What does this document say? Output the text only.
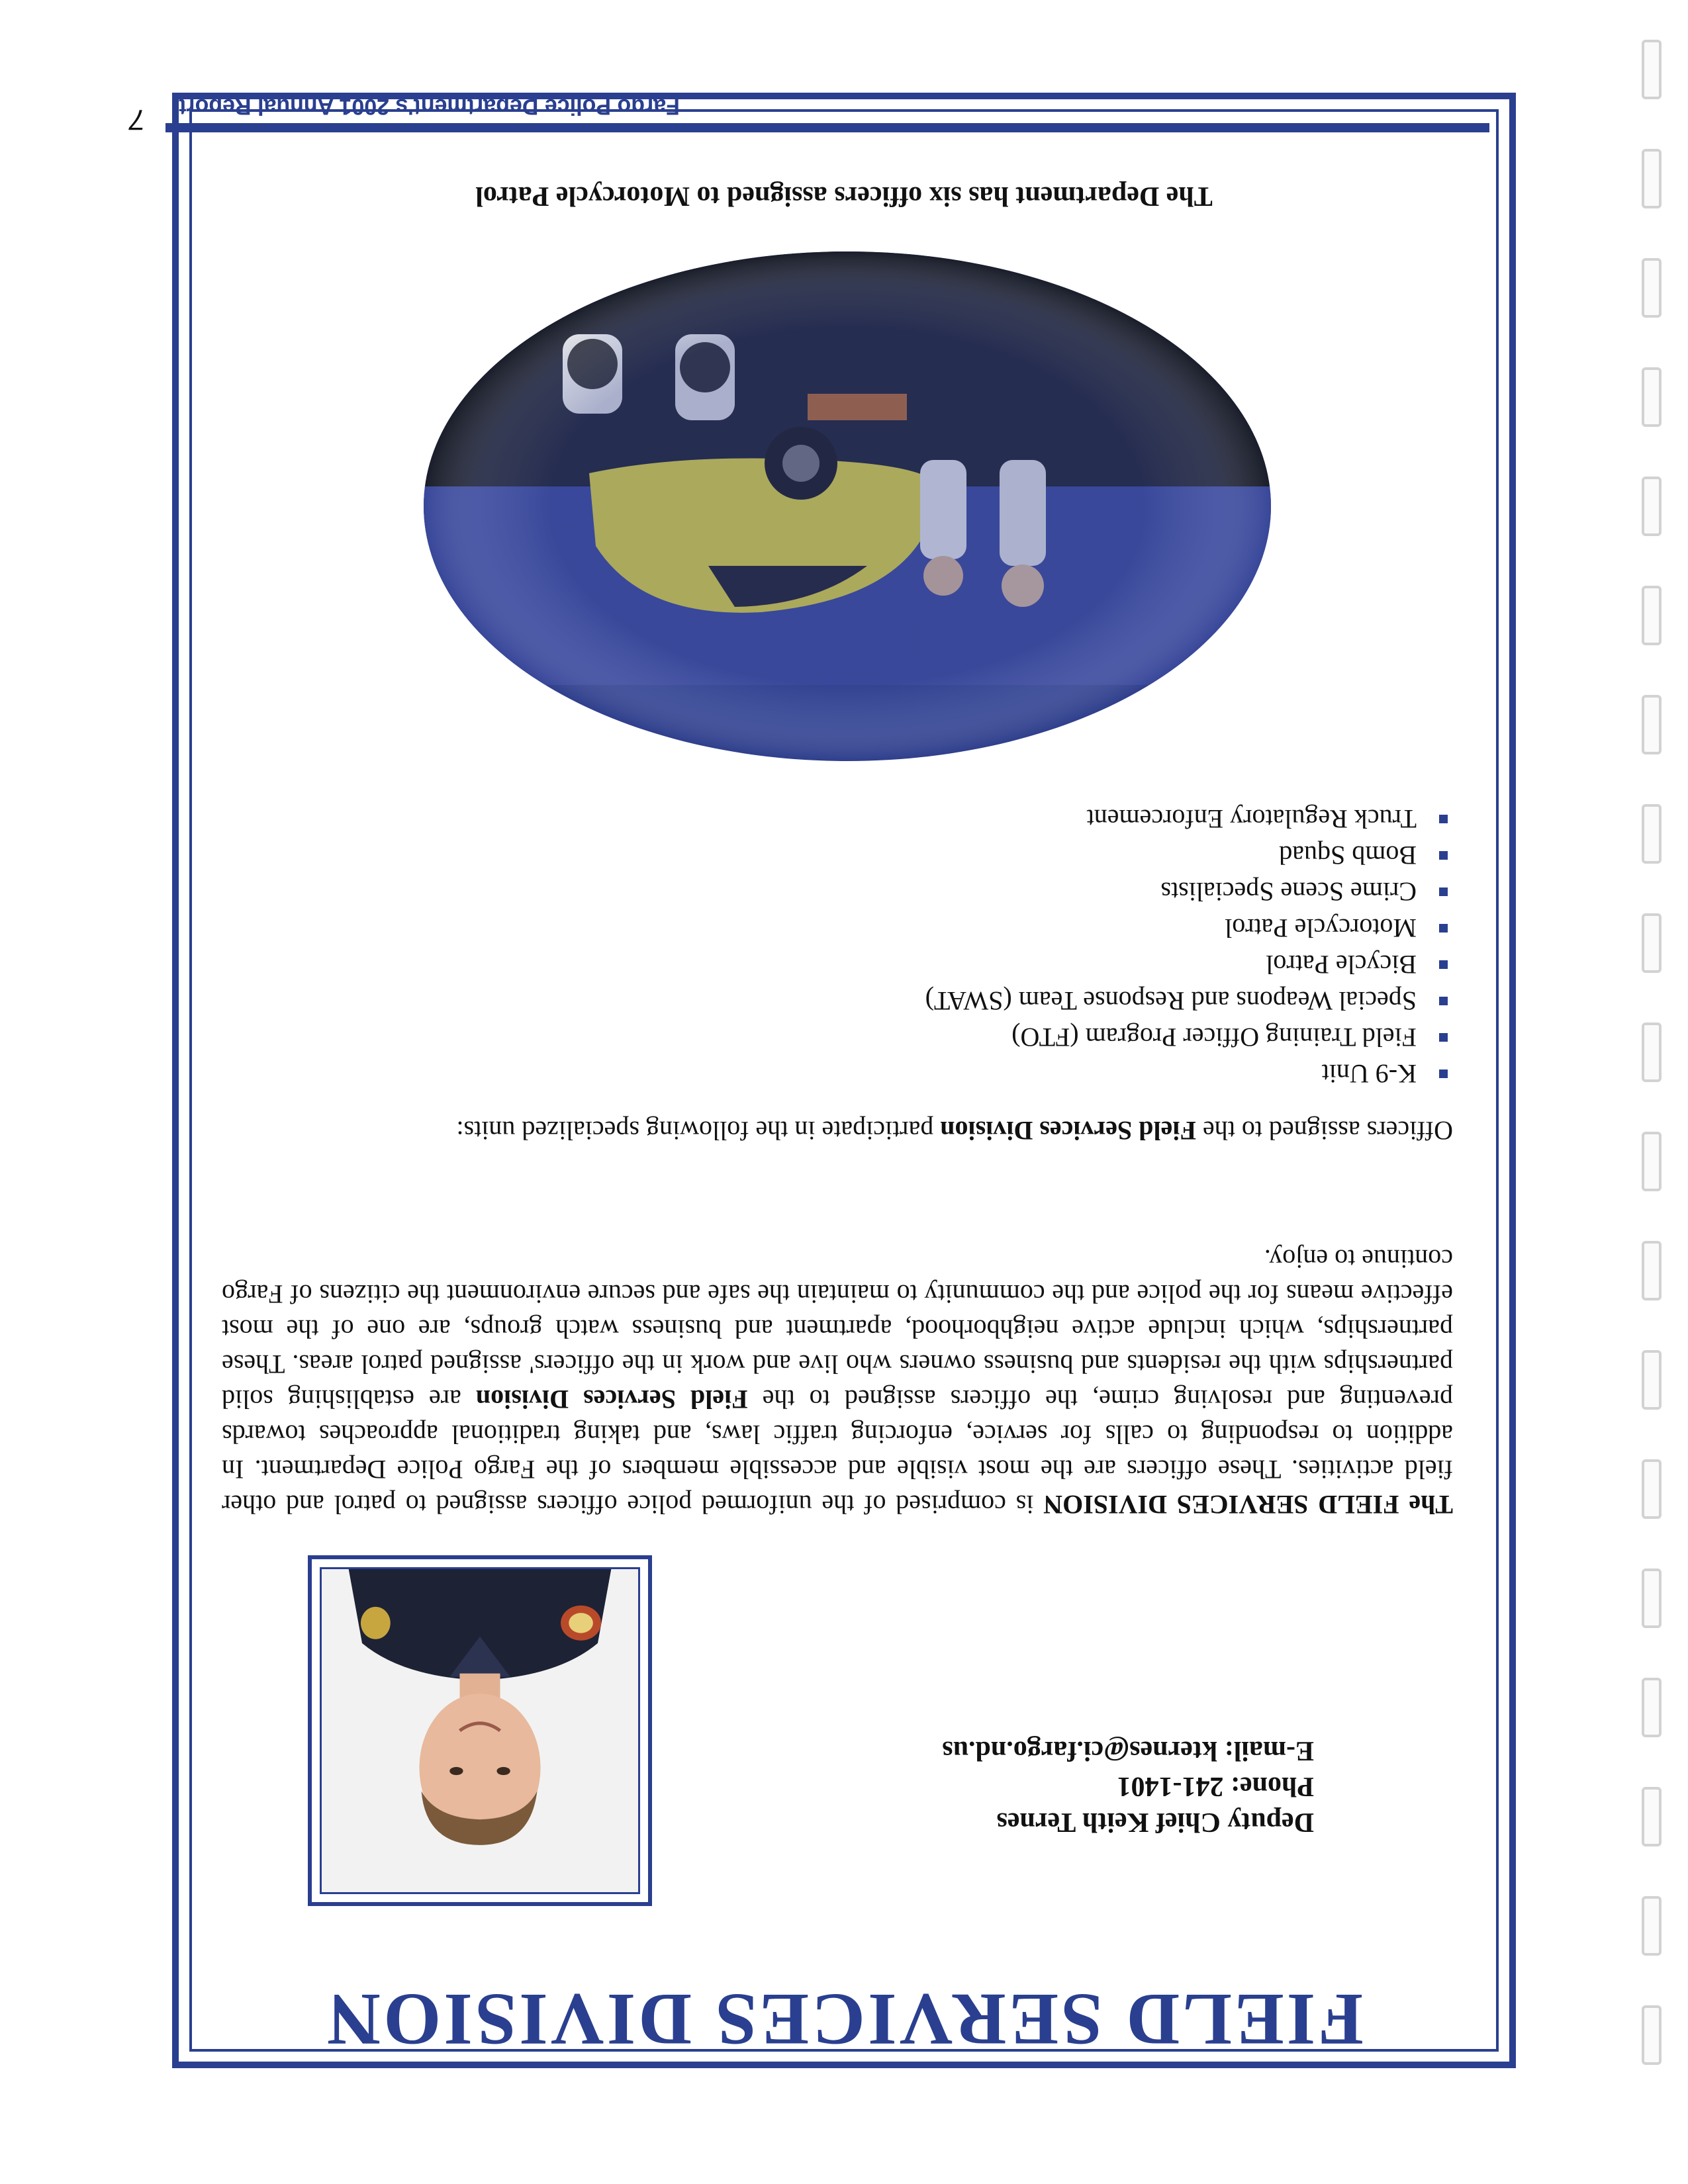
FIELD SERVICES DIVISION
Deputy Chief Keith Ternes
Phone: 241-1401
E-mail: kternes@ci.fargo.nd.us
The FIELD SERVICES DIVISION is comprised of the uniformed police officers assigned to patrol and other field activities. These officers are the most visible and accessible members of the Fargo Police Department. In addition to responding to calls for service, enforcing traffic laws, and taking traditional approaches towards preventing and resolving crime, the officers assigned to the Field Services Division are establishing solid partnerships with the residents and business owners who live and work in the officers' assigned patrol areas. These partnerships, which include active neighborhood, apartment and business watch groups, are one of the most effective means for the police and the community to maintain the safe and secure environment the citizens of Fargo continue to enjoy.
Officers assigned to the Field Services Division participate in the following specialized units:
K-9 Unit
Field Training Officer Program (FTO)
Special Weapons and Response Team (SWAT)
Bicycle Patrol
Motorcycle Patrol
Crime Scene Specialists
Bomb Squad
Truck Regulatory Enforcement
The Department has six officers assigned to Motorcycle Patrol
Fargo Police Department's 2001 Annual Report
7
